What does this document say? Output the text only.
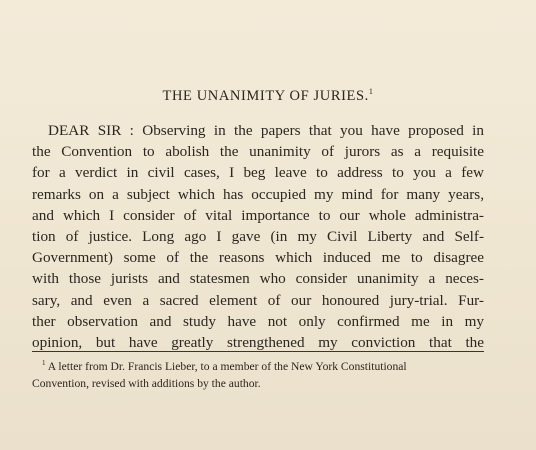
THE UNANIMITY OF JURIES.$^1$
DEAR SIR : Observing in the papers that you have proposed in
the Convention to abolish the unanimity of jurors as a requisite
for a verdict in civil cases, I beg leave to address to you a few
remarks on a subject which has occupied my mind for many years,
and which I consider of vital importance to our whole administra-
tion of justice. Long ago I gave (in my Civil Liberty and Self-
Government) some of the reasons which induced me to disagree
with those jurists and statesmen who consider unanimity a neces-
sary, and even a sacred element of our honoured jury-trial. Fur-
ther observation and study have not only confirmed me in my
opinion, but have greatly strengthened my conviction that the
$^1$ A letter from Dr. Francis Lieber, to a member of the New York Constitutional
Convention, revised with additions by the author.
